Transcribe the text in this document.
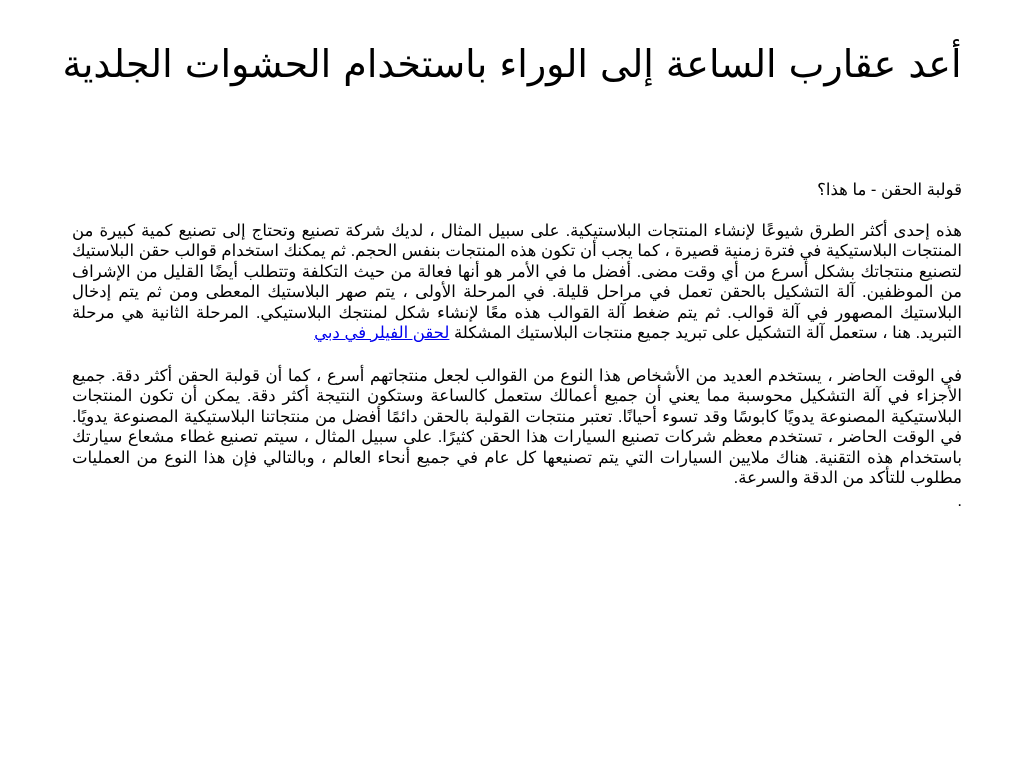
أعد عقارب الساعة إلى الوراء باستخدام الحشوات الجلدية

قولبة الحقن - ما هذا؟

هذه إحدى أكثر الطرق شيوعًا لإنشاء المنتجات البلاستيكية. على سبيل المثال ، لديك شركة تصنيع وتحتاج إلى تصنيع كمية كبيرة من المنتجات البلاستيكية في فترة زمنية قصيرة ، كما يجب أن تكون هذه المنتجات بنفس الحجم. ثم يمكنك استخدام قوالب حقن البلاستيك لتصنيع منتجاتك بشكل أسرع من أي وقت مضى. أفضل ما في الأمر هو أنها فعالة من حيث التكلفة وتتطلب أيضًا القليل من الإشراف من الموظفين. آلة التشكيل بالحقن تعمل في مراحل قليلة. في المرحلة الأولى ، يتم صهر البلاستيك المعطى ومن ثم يتم إدخال البلاستيك المصهور في آلة قوالب. ثم يتم ضغط آلة القوالب هذه معًا لإنشاء شكل لمنتجك البلاستيكي. المرحلة الثانية هي مرحلة التبريد. هنا ، ستعمل آلة التشكيل على تبريد جميع منتجات البلاستيك المشكلة لحقن الفيلر في دبي

في الوقت الحاضر ، يستخدم العديد من الأشخاص هذا النوع من القوالب لجعل منتجاتهم أسرع ، كما أن قولبة الحقن أكثر دقة. جميع الأجزاء في آلة التشكيل محوسبة مما يعني أن جميع أعمالك ستعمل كالساعة وستكون النتيجة أكثر دقة. يمكن أن تكون المنتجات البلاستيكية المصنوعة يدويًا كابوسًا وقد تسوء أحيانًا. تعتبر منتجات القولبة بالحقن دائمًا أفضل من منتجاتنا البلاستيكية المصنوعة يدويًا. في الوقت الحاضر ، تستخدم معظم شركات تصنيع السيارات هذا الحقن كثيرًا. على سبيل المثال ، سيتم تصنيع غطاء مشعاع سيارتك باستخدام هذه التقنية. هناك ملايين السيارات التي يتم تصنيعها كل عام في جميع أنحاء العالم ، وبالتالي فإن هذا النوع من العمليات مطلوب للتأكد من الدقة والسرعة.

.
